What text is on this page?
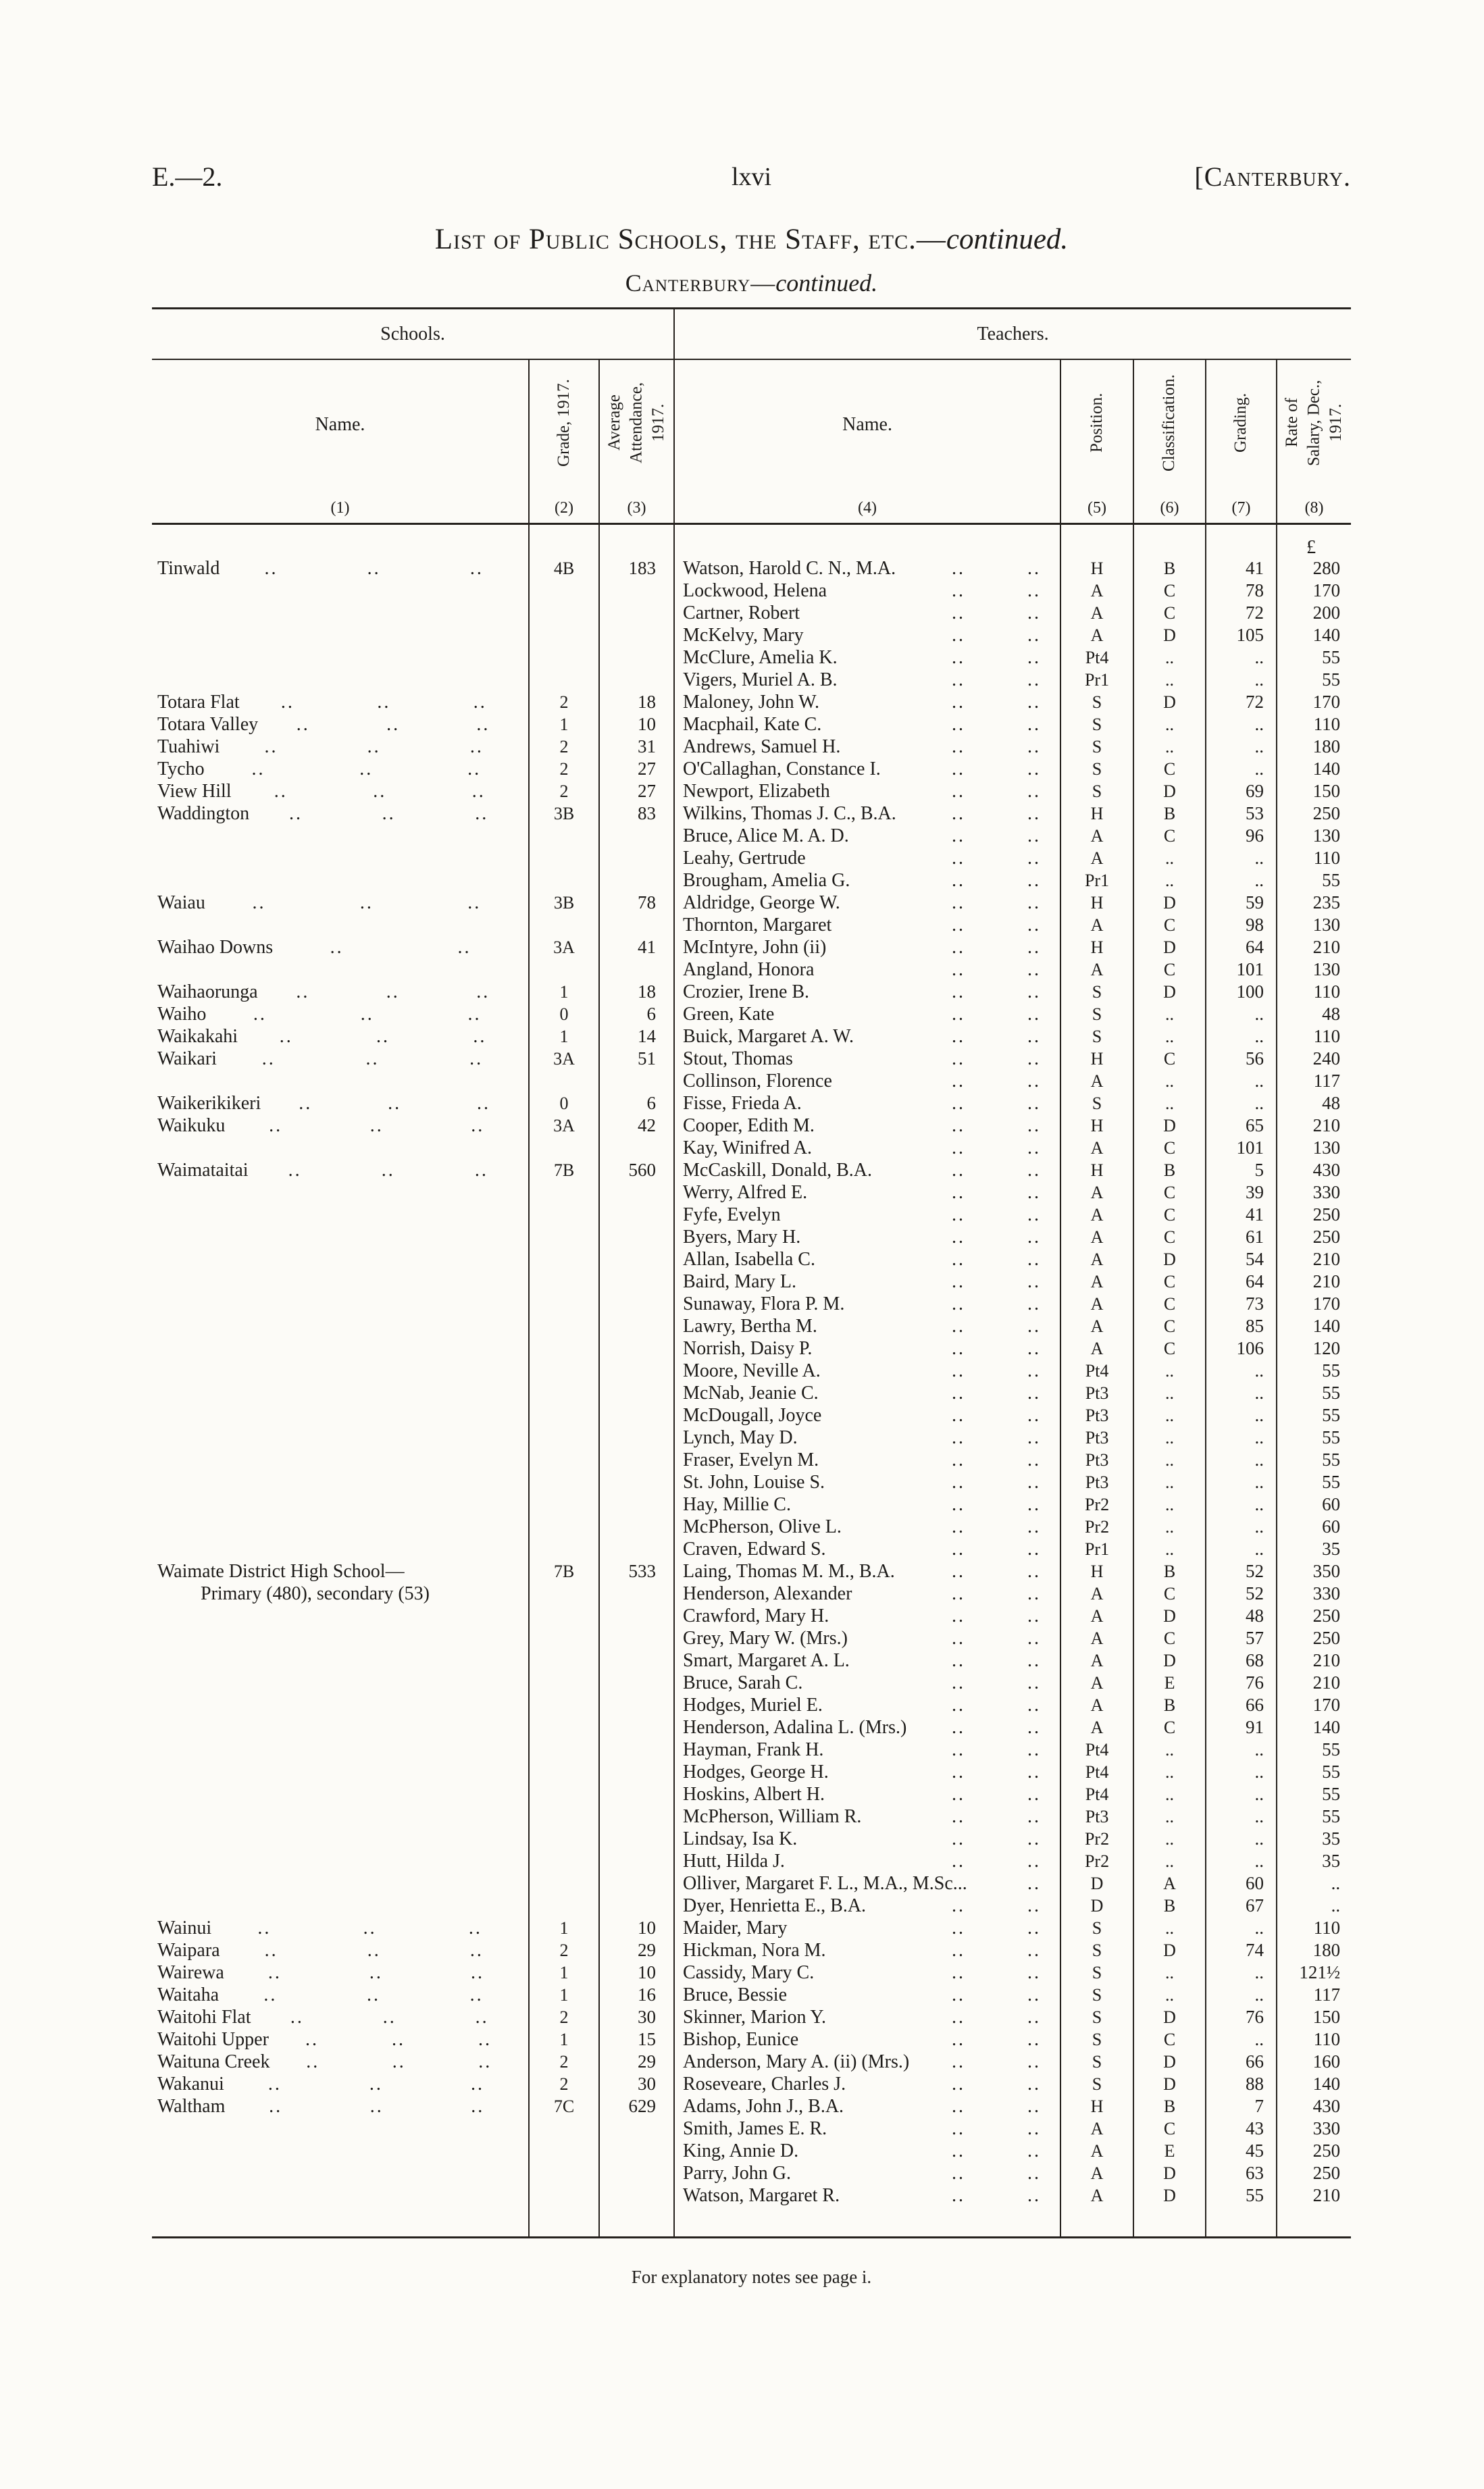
E.—2.	lxvi	[Canterbury.
List of Public Schools, the Staff, etc.—continued.
Canterbury—continued.
Schools.			Teachers.				
Name.	Grade, 1917.	Average Attendance, 1917.	Name.	Position.	Classification.	Grading.	Rate of Salary, Dec., 1917.
(1)	(2)	(3)	(4)	(5)	(6)	(7)	(8)
							£

Tinwald .. .. ..	4B	183	Watson, Harold C. N., M.A. .. ..	H	B	41	280

			Lockwood, Helena .. ..	A	C	78	170

			Cartner, Robert .. ..	A	C	72	200

			McKelvy, Mary .. ..	A	D	105	140

			McClure, Amelia K. .. ..	Pt4	..	..	55

			Vigers, Muriel A. B. .. ..	Pr1	..	..	55

Totara Flat .. .. ..	2	18	Maloney, John W. .. ..	S	D	72	170

Totara Valley .. .. ..	1	10	Macphail, Kate C. .. ..	S	..	..	110

Tuahiwi .. .. ..	2	31	Andrews, Samuel H. .. ..	S	..	..	180

Tycho .. .. ..	2	27	O'Callaghan, Constance I. .. ..	S	C	..	140

View Hill .. .. ..	2	27	Newport, Elizabeth .. ..	S	D	69	150

Waddington .. .. ..	3B	83	Wilkins, Thomas J. C., B.A. .. ..	H	B	53	250

			Bruce, Alice M. A. D. .. ..	A	C	96	130

			Leahy, Gertrude .. ..	A	..	..	110

			Brougham, Amelia G. .. ..	Pr1	..	..	55

Waiau .. .. ..	3B	78	Aldridge, George W. .. ..	H	D	59	235

			Thornton, Margaret .. ..	A	C	98	130

Waihao Downs .. ..	3A	41	McIntyre, John (ii) .. ..	H	D	64	210

			Angland, Honora .. ..	A	C	101	130

Waihaorunga .. .. ..	1	18	Crozier, Irene B. .. ..	S	D	100	110

Waiho .. .. ..	0	6	Green, Kate .. ..	S	..	..	48

Waikakahi .. .. ..	1	14	Buick, Margaret A. W. .. ..	S	..	..	110

Waikari .. .. ..	3A	51	Stout, Thomas .. ..	H	C	56	240

			Collinson, Florence .. ..	A	..	..	117

Waikerikikeri .. .. ..	0	6	Fisse, Frieda A. .. ..	S	..	..	48

Waikuku .. .. ..	3A	42	Cooper, Edith M. .. ..	H	D	65	210

			Kay, Winifred A. .. ..	A	C	101	130

Waimataitai .. .. ..	7B	560	McCaskill, Donald, B.A. .. ..	H	B	5	430

			Werry, Alfred E. .. ..	A	C	39	330

			Fyfe, Evelyn .. ..	A	C	41	250

			Byers, Mary H. .. ..	A	C	61	250

			Allan, Isabella C. .. ..	A	D	54	210

			Baird, Mary L. .. ..	A	C	64	210

			Sunaway, Flora P. M. .. ..	A	C	73	170

			Lawry, Bertha M. .. ..	A	C	85	140

			Norrish, Daisy P. .. ..	A	C	106	120

			Moore, Neville A. .. ..	Pt4	..	..	55

			McNab, Jeanie C. .. ..	Pt3	..	..	55

			McDougall, Joyce .. ..	Pt3	..	..	55

			Lynch, May D. .. ..	Pt3	..	..	55

			Fraser, Evelyn M. .. ..	Pt3	..	..	55

			St. John, Louise S. .. ..	Pt3	..	..	55

			Hay, Millie C. .. ..	Pr2	..	..	60

			McPherson, Olive L. .. ..	Pr2	..	..	60

			Craven, Edward S. .. ..	Pr1	..	..	35

Waimate District High School—	7B	533	Laing, Thomas M. M., B.A. .. ..	H	B	52	350

Primary (480), secondary (53)			Henderson, Alexander .. ..	A	C	52	330

			Crawford, Mary H. .. ..	A	D	48	250

			Grey, Mary W. (Mrs.) .. ..	A	C	57	250

			Smart, Margaret A. L. .. ..	A	D	68	210

			Bruce, Sarah C. .. ..	A	E	76	210

			Hodges, Muriel E. .. ..	A	B	66	170

			Henderson, Adalina L. (Mrs.) .. ..	A	C	91	140

			Hayman, Frank H. .. ..	Pt4	..	..	55

			Hodges, George H. .. ..	Pt4	..	..	55

			Hoskins, Albert H. .. ..	Pt4	..	..	55

			McPherson, William R. .. ..	Pt3	..	..	55

			Lindsay, Isa K. .. ..	Pr2	..	..	35

			Hutt, Hilda J. .. ..	Pr2	..	..	35

			Olliver, Margaret F. L., M.A., M.Sc... ..	D	A	60	..

			Dyer, Henrietta E., B.A. .. ..	D	B	67	..

Wainui .. .. ..	1	10	Maider, Mary .. ..	S	..	..	110

Waipara .. .. ..	2	29	Hickman, Nora M. .. ..	S	D	74	180

Wairewa .. .. ..	1	10	Cassidy, Mary C. .. ..	S	..	..	121½

Waitaha .. .. ..	1	16	Bruce, Bessie .. ..	S	..	..	117

Waitohi Flat .. .. ..	2	30	Skinner, Marion Y. .. ..	S	D	76	150

Waitohi Upper .. .. ..	1	15	Bishop, Eunice .. ..	S	C	..	110

Waituna Creek .. .. ..	2	29	Anderson, Mary A. (ii) (Mrs.) .. ..	S	D	66	160

Wakanui .. .. ..	2	30	Roseveare, Charles J. .. ..	S	D	88	140

Waltham .. .. ..	7C	629	Adams, John J., B.A. .. ..	H	B	7	430

			Smith, James E. R. .. ..	A	C	43	330

			King, Annie D. .. ..	A	E	45	250

			Parry, John G. .. ..	A	D	63	250

			Watson, Margaret R. .. ..	A	D	55	210

For explanatory notes see page i.
